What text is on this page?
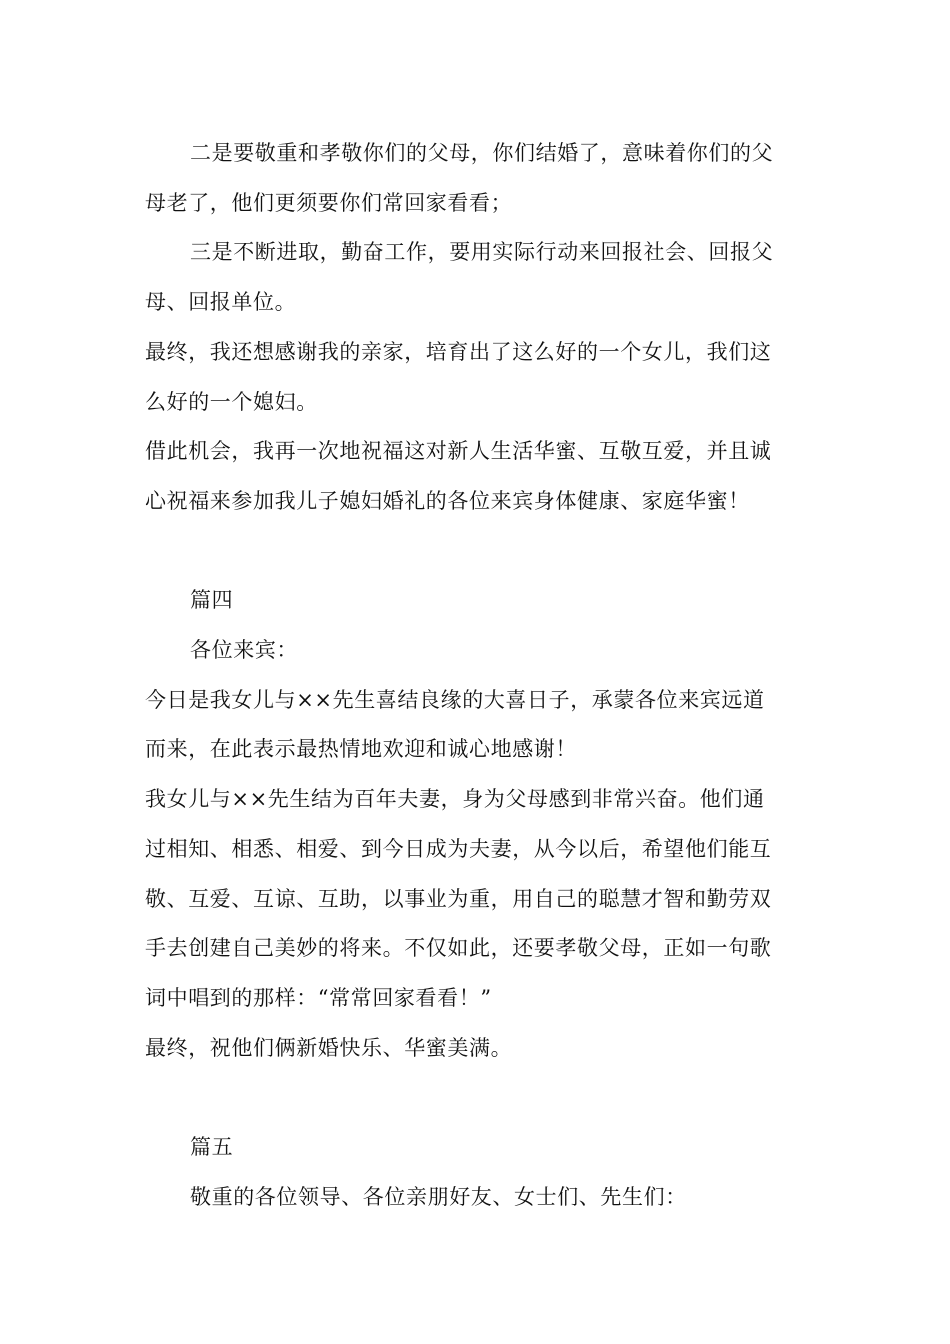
二是要敬重和孝敬你们的父母，你们结婚了，意味着你们的父
母老了，他们更须要你们常回家看看；
三是不断进取，勤奋工作，要用实际行动来回报社会、回报父
母、回报单位。
最终，我还想感谢我的亲家，培育出了这么好的一个女儿，我们这
么好的一个媳妇。
借此机会，我再一次地祝福这对新人生活华蜜、互敬互爱，并且诚
心祝福来参加我儿子媳妇婚礼的各位来宾身体健康、家庭华蜜！
篇四
各位来宾：
今日是我女儿与××先生喜结良缘的大喜日子，承蒙各位来宾远道
而来，在此表示最热情地欢迎和诚心地感谢！
我女儿与××先生结为百年夫妻，身为父母感到非常兴奋。他们通
过相知、相悉、相爱、到今日成为夫妻，从今以后，希望他们能互
敬、互爱、互谅、互助，以事业为重，用自己的聪慧才智和勤劳双
手去创建自己美妙的将来。不仅如此，还要孝敬父母，正如一句歌
词中唱到的那样：“常常回家看看！”
最终，祝他们俩新婚快乐、华蜜美满。
篇五
敬重的各位领导、各位亲朋好友、女士们、先生们：
